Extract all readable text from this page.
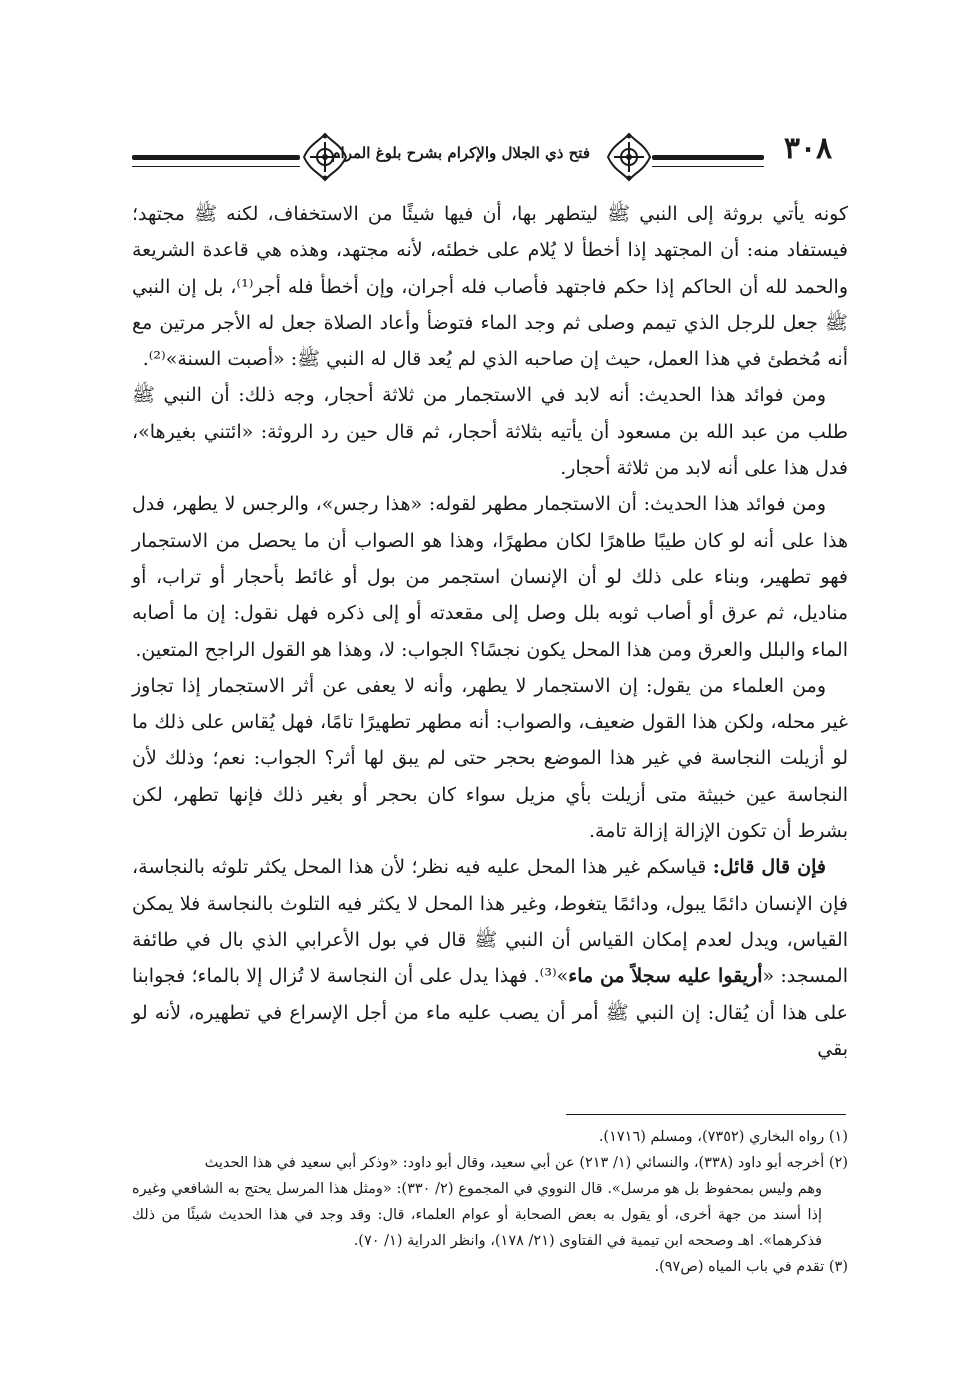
٣٠٨
فتح ذي الجلال والإكرام بشرح بلوغ المرام

كونه يأتي بروثة إلى النبي ﷺ ليتطهر بها، أن فيها شيئًا من الاستخفاف، لكنه ﷺ مجتهد؛ فيستفاد منه: أن المجتهد إذا أخطأ لا يُلام على خطئه، لأنه مجتهد، وهذه هي قاعدة الشريعة والحمد لله أن الحاكم إذا حكم فاجتهد فأصاب فله أجران، وإن أخطأ فله أجر⁽¹⁾، بل إن النبي ﷺ جعل للرجل الذي تيمم وصلى ثم وجد الماء فتوضأ وأعاد الصلاة جعل له الأجر مرتين مع أنه مُخطئ في هذا العمل، حيث إن صاحبه الذي لم يُعد قال له النبي ﷺ: «أصبت السنة»⁽²⁾.

ومن فوائد هذا الحديث: أنه لابد في الاستجمار من ثلاثة أحجار، وجه ذلك: أن النبي ﷺ طلب من عبد الله بن مسعود أن يأتيه بثلاثة أحجار، ثم قال حين رد الروثة: «ائتني بغيرها»، فدل هذا على أنه لابد من ثلاثة أحجار.

ومن فوائد هذا الحديث: أن الاستجمار مطهر لقوله: «هذا رجس»، والرجس لا يطهر، فدل هذا على أنه لو كان طيبًا طاهرًا لكان مطهرًا، وهذا هو الصواب أن ما يحصل من الاستجمار فهو تطهير، وبناء على ذلك لو أن الإنسان استجمر من بول أو غائط بأحجار أو تراب، أو مناديل، ثم عرق أو أصاب ثوبه بلل وصل إلى مقعدته أو إلى ذكره فهل نقول: إن ما أصابه الماء والبلل والعرق ومن هذا المحل يكون نجسًا؟ الجواب: لا، وهذا هو القول الراجح المتعين.

ومن العلماء من يقول: إن الاستجمار لا يطهر، وأنه لا يعفى عن أثر الاستجمار إذا تجاوز غير محله، ولكن هذا القول ضعيف، والصواب: أنه مطهر تطهيرًا تامًا، فهل يُقاس على ذلك ما لو أزيلت النجاسة في غير هذا الموضع بحجر حتى لم يبق لها أثر؟ الجواب: نعم؛ وذلك لأن النجاسة عين خبيثة متى أزيلت بأي مزيل سواء كان بحجر أو بغير ذلك فإنها تطهر، لكن بشرط أن تكون الإزالة إزالة تامة.

فإن قال قائل: قياسكم غير هذا المحل عليه فيه نظر؛ لأن هذا المحل يكثر تلوثه بالنجاسة، فإن الإنسان دائمًا يبول، ودائمًا يتغوط، وغير هذا المحل لا يكثر فيه التلوث بالنجاسة فلا يمكن القياس، ويدل لعدم إمكان القياس أن النبي ﷺ قال في بول الأعرابي الذي بال في طائفة المسجد: «أريقوا عليه سجلاً من ماء»⁽³⁾. فهذا يدل على أن النجاسة لا تُزال إلا بالماء؛ فجوابنا على هذا أن يُقال: إن النبي ﷺ أمر أن يصب عليه ماء من أجل الإسراع في تطهيره، لأنه لو بقي

(١) رواه البخاري (٧٣٥٢)، ومسلم (١٧١٦).

(٢) أخرجه أبو داود (٣٣٨)، والنسائي (١/ ٢١٣) عن أبي سعيد، وقال أبو داود: «وذكر أبي سعيد في هذا الحديث

وهم وليس بمحفوظ بل هو مرسل». قال النووي في المجموع (٢/ ٣٣٠): «ومثل هذا المرسل يحتج به الشافعي وغيره إذا أسند من جهة أخرى، أو يقول به بعض الصحابة أو عوام العلماء، قال: وقد وجد في هذا الحديث شيئًا من ذلك فذكرهما». اهـ وصححه ابن تيمية في الفتاوى (٢١/ ١٧٨)، وانظر الدراية (١/ ٧٠).

(٣) تقدم في باب المياه (ص٩٧).
